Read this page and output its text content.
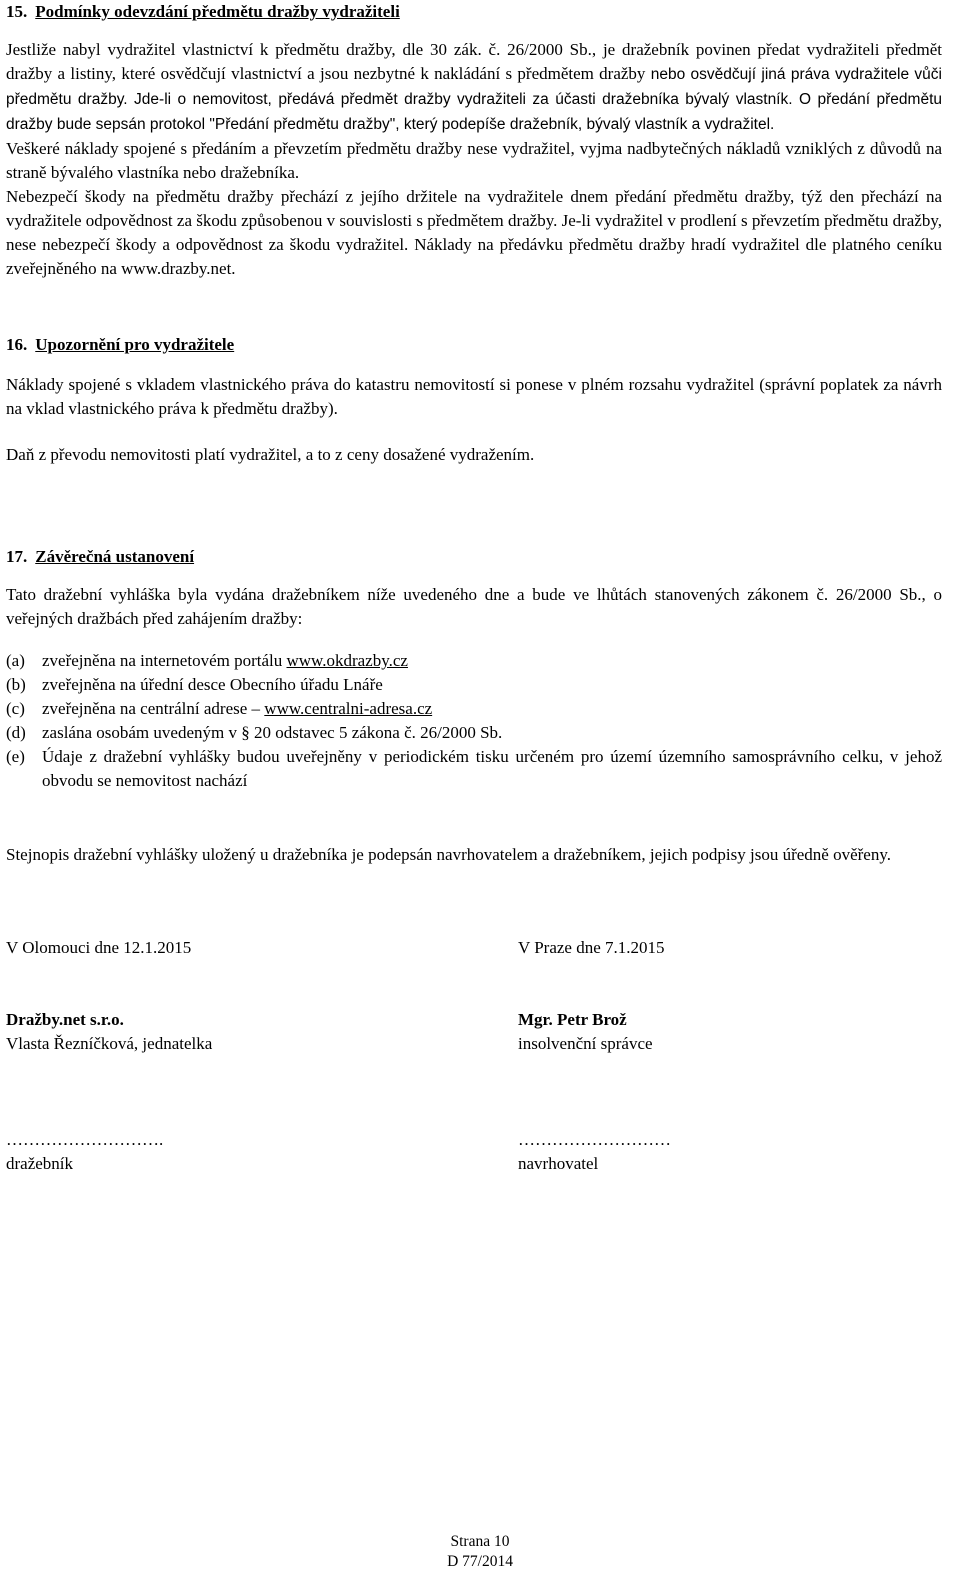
15. Podmínky odevzdání předmětu dražby vydražiteli

Jestliže nabyl vydražitel vlastnictví k předmětu dražby, dle 30 zák. č. 26/2000 Sb., je dražebník povinen předat vydražiteli předmět dražby a listiny, které osvědčují vlastnictví a jsou nezbytné k nakládání s předmětem dražby nebo osvědčují jiná práva vydražitele vůči předmětu dražby. Jde-li o nemovitost, předává předmět dražby vydražiteli za účasti dražebníka bývalý vlastník. O předání předmětu dražby bude sepsán protokol "Předání předmětu dražby", který podepíše dražebník, bývalý vlastník a vydražitel.

Veškeré náklady spojené s předáním a převzetím předmětu dražby nese vydražitel, vyjma nadbytečných nákladů vzniklých z důvodů na straně bývalého vlastníka nebo dražebníka.

Nebezpečí škody na předmětu dražby přechází z jejího držitele na vydražitele dnem předání předmětu dražby, týž den přechází na vydražitele odpovědnost za škodu způsobenou v souvislosti s předmětem dražby. Je-li vydražitel v prodlení s převzetím předmětu dražby, nese nebezpečí škody a odpovědnost za škodu vydražitel. Náklady na předávku předmětu dražby hradí vydražitel dle platného ceníku zveřejněného na www.drazby.net.

16. Upozornění pro vydražitele

Náklady spojené s vkladem vlastnického práva do katastru nemovitostí si ponese v plném rozsahu vydražitel (správní poplatek za návrh na vklad vlastnického práva k předmětu dražby).

Daň z převodu nemovitosti platí vydražitel, a to z ceny dosažené vydražením.

17. Závěrečná ustanovení

Tato dražební vyhláška byla vydána dražebníkem níže uvedeného dne a bude ve lhůtách stanovených zákonem č. 26/2000 Sb., o veřejných dražbách před zahájením dražby:

(a)	zveřejněna na internetovém portálu www.okdrazby.cz
(b) zveřejněna na úřední desce Obecního úřadu Lnáře
(c)	zveřejněna na centrální adrese – www.centralni-adresa.cz
(d) zaslána osobám uvedeným v § 20 odstavec 5 zákona č. 26/2000 Sb.
(e)	Údaje z dražební vyhlášky budou uveřejněny v periodickém tisku určeném pro území územního samosprávního celku, v jehož obvodu se nemovitost nachází

Stejnopis dražební vyhlášky uložený u dražebníka je podepsán navrhovatelem a dražebníkem, jejich podpisy jsou úředně ověřeny.

V Olomouci dne 12.1.2015	V Praze dne 7.1.2015
Dražby.net s.r.o.
Vlasta Řezníčková, jednatelka
Mgr. Petr Brož
insolvenční správce
……………………….
dražebník
………………………
navrhovatel
Strana 10
D 77/2014
